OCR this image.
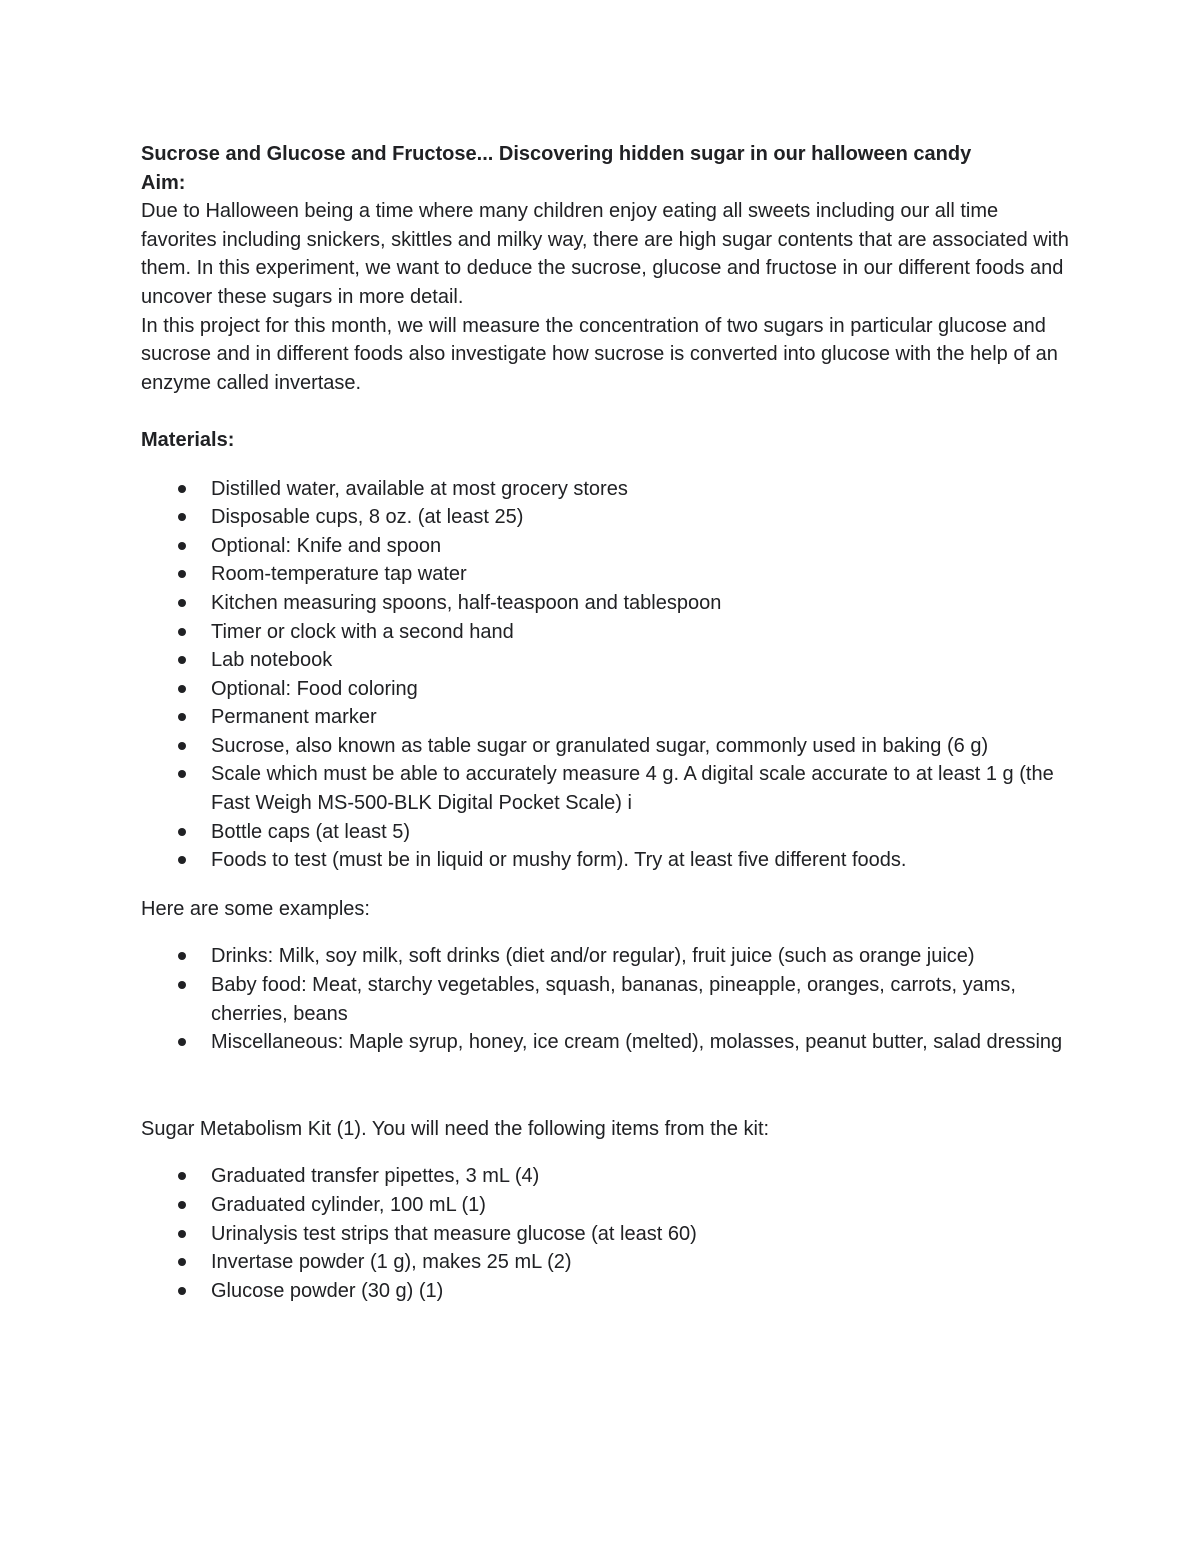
Sucrose and Glucose and Fructose... Discovering hidden sugar in our halloween candy

Aim:

Due to Halloween being a time where many children enjoy eating all sweets including our all time favorites including snickers, skittles and milky way, there are high sugar contents that are associated with them. In this experiment, we want to deduce the sucrose, glucose and fructose in our different foods and uncover these sugars in more detail.

In this project for this month, we will measure the concentration of two sugars in particular glucose and sucrose and in different foods also investigate how sucrose is converted into glucose with the help of an enzyme called invertase.

Materials:

Distilled water, available at most grocery stores
Disposable cups, 8 oz. (at least 25)
Optional: Knife and spoon
Room-temperature tap water
Kitchen measuring spoons, half-teaspoon and tablespoon
Timer or clock with a second hand
Lab notebook
Optional: Food coloring
Permanent marker
Sucrose, also known as table sugar or granulated sugar, commonly used in baking (6 g)
Scale which must be able to accurately measure 4 g. A digital scale accurate to at least 1 g (the Fast Weigh MS-500-BLK Digital Pocket Scale) i
Bottle caps (at least 5)
Foods to test (must be in liquid or mushy form). Try at least five different foods.

Here are some examples:

Drinks: Milk, soy milk, soft drinks (diet and/or regular), fruit juice (such as orange juice)
Baby food: Meat, starchy vegetables, squash, bananas, pineapple, oranges, carrots, yams, cherries, beans
Miscellaneous: Maple syrup, honey, ice cream (melted), molasses, peanut butter, salad dressing

Sugar Metabolism Kit (1). You will need the following items from the kit:

Graduated transfer pipettes, 3 mL (4)
Graduated cylinder, 100 mL (1)
Urinalysis test strips that measure glucose (at least 60)
Invertase powder (1 g), makes 25 mL (2)
Glucose powder (30 g) (1)
